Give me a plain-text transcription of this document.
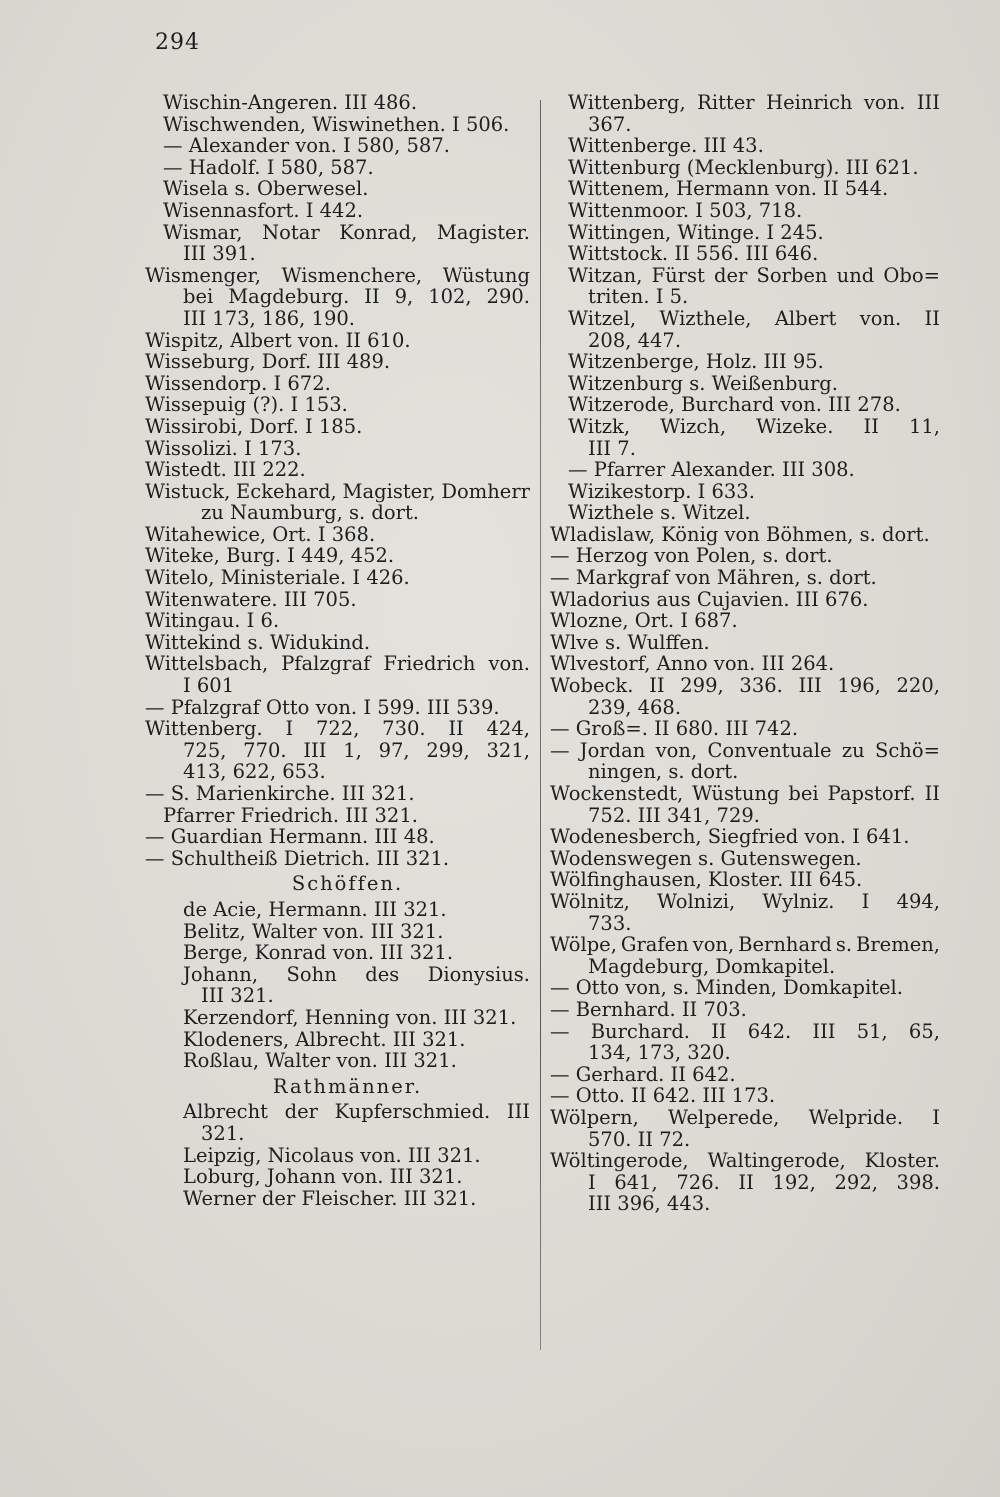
294
Wischin-Angeren. III 486.
Wischwenden, Wiswinethen. I 506.
— Alexander von. I 580, 587.
— Hadolf. I 580, 587.
Wisela s. Oberwesel.
Wisennasfort. I 442.
Wismar, Notar Konrad, Magister.
III 391.
Wismenger, Wismenchere, Wüstung
bei Magdeburg. II 9, 102, 290.
III 173, 186, 190.
Wispitz, Albert von. II 610.
Wisseburg, Dorf. III 489.
Wissendorp. I 672.
Wissepuig (?). I 153.
Wissirobi, Dorf. I 185.
Wissolizi. I 173.
Wistedt. III 222.
Wistuck, Eckehard, Magister, Domherr
zu Naumburg, s. dort.
Witahewice, Ort. I 368.
Witeke, Burg. I 449, 452.
Witelo, Ministeriale. I 426.
Witenwatere. III 705.
Witingau. I 6.
Wittekind s. Widukind.
Wittelsbach, Pfalzgraf Friedrich von.
I 601
— Pfalzgraf Otto von. I 599. III 539.
Wittenberg. I 722, 730. II 424,
725, 770. III 1, 97, 299, 321,
413, 622, 653.
— S. Marienkirche. III 321.
Pfarrer Friedrich. III 321.
— Guardian Hermann. III 48.
— Schultheiß Dietrich. III 321.
Schöffen.
de Acie, Hermann. III 321.
Belitz, Walter von. III 321.
Berge, Konrad von. III 321.
Johann, Sohn des Dionysius.
III 321.
Kerzendorf, Henning von. III 321.
Klodeners, Albrecht. III 321.
Roßlau, Walter von. III 321.
Rathmänner.
Albrecht der Kupferschmied. III
321.
Leipzig, Nicolaus von. III 321.
Loburg, Johann von. III 321.
Werner der Fleischer. III 321.
Wittenberg, Ritter Heinrich von. III
367.
Wittenberge. III 43.
Wittenburg (Mecklenburg). III 621.
Wittenem, Hermann von. II 544.
Wittenmoor. I 503, 718.
Wittingen, Witinge. I 245.
Wittstock. II 556. III 646.
Witzan, Fürst der Sorben und Obo=
triten. I 5.
Witzel, Wizthele, Albert von. II
208, 447.
Witzenberge, Holz. III 95.
Witzenburg s. Weißenburg.
Witzerode, Burchard von. III 278.
Witzk, Wizch, Wizeke. II 11,
III 7.
— Pfarrer Alexander. III 308.
Wizikestorp. I 633.
Wizthele s. Witzel.
Wladislaw, König von Böhmen, s. dort.
— Herzog von Polen, s. dort.
— Markgraf von Mähren, s. dort.
Wladorius aus Cujavien. III 676.
Wlozne, Ort. I 687.
Wlve s. Wulffen.
Wlvestorf, Anno von. III 264.
Wobeck. II 299, 336. III 196, 220,
239, 468.
— Groß=. II 680. III 742.
— Jordan von, Conventuale zu Schö=
ningen, s. dort.
Wockenstedt, Wüstung bei Papstorf. II
752. III 341, 729.
Wodenesberch, Siegfried von. I 641.
Wodenswegen s. Gutenswegen.
Wölfinghausen, Kloster. III 645.
Wölnitz, Wolnizi, Wylniz. I 494,
733.
Wölpe, Grafen von, Bernhard s. Bremen,
Magdeburg, Domkapitel.
— Otto von, s. Minden, Domkapitel.
— Bernhard. II 703.
— Burchard. II 642. III 51, 65,
134, 173, 320.
— Gerhard. II 642.
— Otto. II 642. III 173.
Wölpern, Welperede, Welpride. I
570. II 72.
Wöltingerode, Waltingerode, Kloster.
I 641, 726. II 192, 292, 398.
III 396, 443.
